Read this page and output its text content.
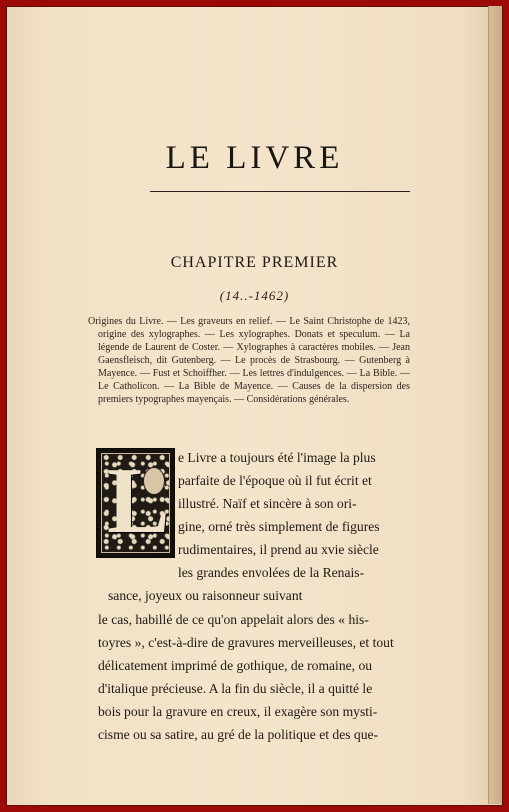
LE LIVRE
CHAPITRE PREMIER
(14..-1462)
Origines du Livre. — Les graveurs en relief. — Le Saint Christophe de 1423, origine des xylographes. — Les xylographes. Donats et speculum. — La légende de Laurent de Coster. — Xylographes à caractères mobiles. — Jean Gaensfleisch, dit Gutenberg. — Le procès de Strasbourg. — Gutenberg à Mayence. — Fust et Schoiffher. — Les lettres d'indulgences. — La Bible. — Le Catholicon. — La Bible de Mayence. — Causes de la dispersion des premiers typographes mayençais. — Considérations générales.
L e Livre a toujours été l'image la plus
parfaite de l'époque où il fut écrit et
illustré. Naïf et sincère à son ori-
gine, orné très simplement de figures
rudimentaires, il prend au xvie siècle
les grandes envolées de la Renais-
sance, joyeux ou raisonneur suivant
le cas, habillé de ce qu'on appelait alors des « his-
toyres », c'est-à-dire de gravures merveilleuses, et tout
délicatement imprimé de gothique, de romaine, ou
d'italique précieuse. A la fin du siècle, il a quitté le
bois pour la gravure en creux, il exagère son mysti-
cisme ou sa satire, au gré de la politique et des que-
